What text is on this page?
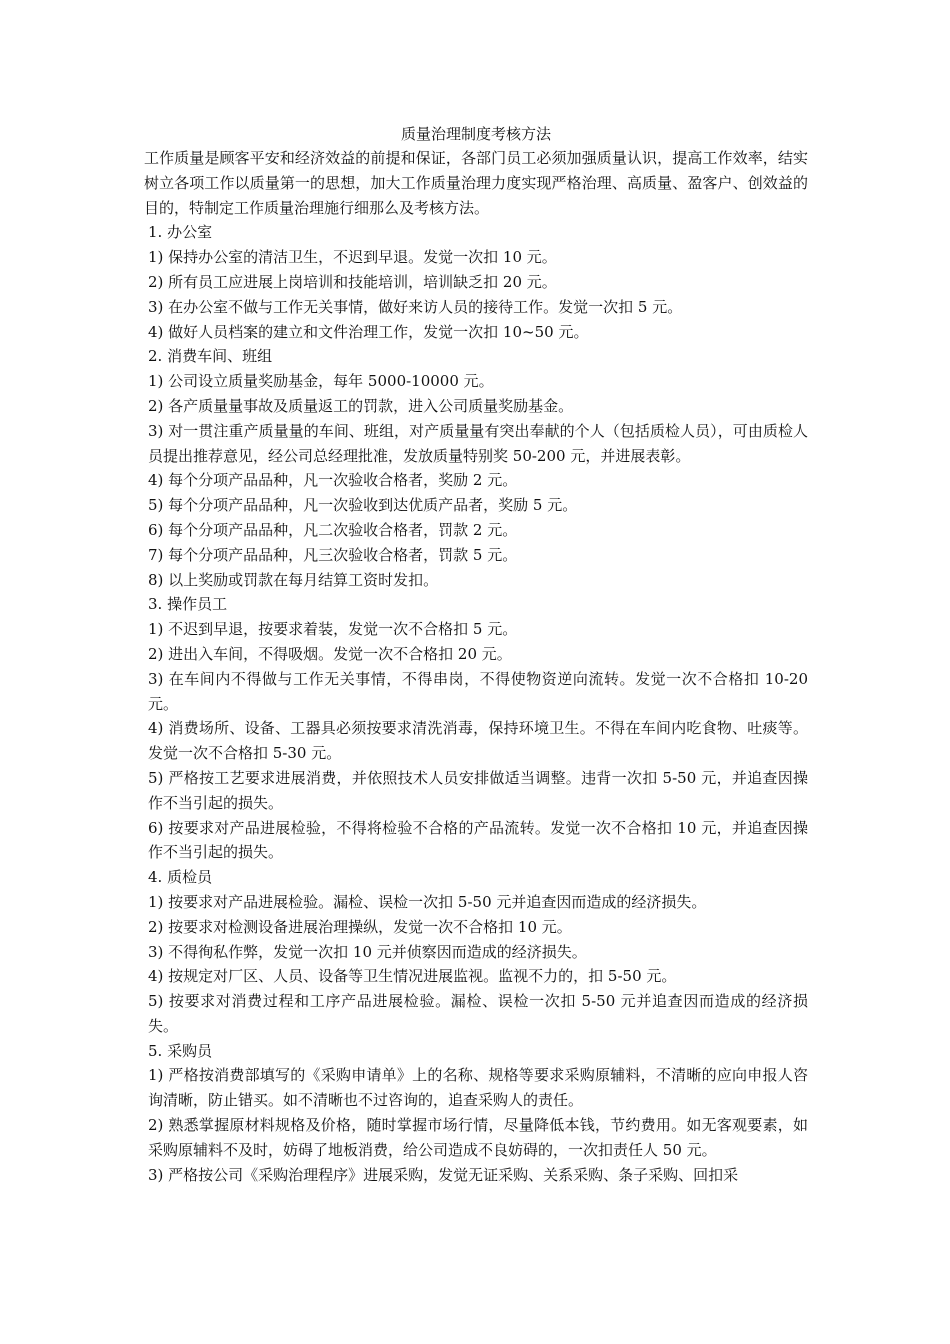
质量治理制度考核方法

工作质量是顾客平安和经济效益的前提和保证，各部门员工必须加强质量认识，提高工作效率，结实树立各项工作以质量第一的思想，加大工作质量治理力度实现严格治理、高质量、盈客户、创效益的目的，特制定工作质量治理施行细那么及考核方法。

1. 办公室

1) 保持办公室的清洁卫生，不迟到早退。发觉一次扣 10 元。

2) 所有员工应进展上岗培训和技能培训，培训缺乏扣 20 元。

3) 在办公室不做与工作无关事情，做好来访人员的接待工作。发觉一次扣 5 元。

4) 做好人员档案的建立和文件治理工作，发觉一次扣 10~50 元。

2. 消费车间、班组

1) 公司设立质量奖励基金，每年 5000-10000 元。

2) 各产质量量事故及质量返工的罚款，进入公司质量奖励基金。

3) 对一贯注重产质量量的车间、班组，对产质量量有突出奉献的个人（包括质检人员），可由质检人员提出推荐意见，经公司总经理批准，发放质量特别奖 50-200 元，并进展表彰。

4) 每个分项产品品种，凡一次验收合格者，奖励 2 元。

5) 每个分项产品品种，凡一次验收到达优质产品者，奖励 5 元。

6) 每个分项产品品种，凡二次验收合格者，罚款 2 元。

7) 每个分项产品品种，凡三次验收合格者，罚款 5 元。

8) 以上奖励或罚款在每月结算工资时发扣。

3. 操作员工

1) 不迟到早退，按要求着装，发觉一次不合格扣 5 元。

2) 进出入车间，不得吸烟。发觉一次不合格扣 20 元。

3) 在车间内不得做与工作无关事情，不得串岗，不得使物资逆向流转。发觉一次不合格扣 10-20 元。

4) 消费场所、设备、工器具必须按要求清洗消毒，保持环境卫生。不得在车间内吃食物、吐痰等。发觉一次不合格扣 5-30 元。

5) 严格按工艺要求进展消费，并依照技术人员安排做适当调整。违背一次扣 5-50 元，并追查因操作不当引起的损失。

6) 按要求对产品进展检验，不得将检验不合格的产品流转。发觉一次不合格扣 10 元，并追查因操作不当引起的损失。

4. 质检员

1) 按要求对产品进展检验。漏检、误检一次扣 5-50 元并追查因而造成的经济损失。

2) 按要求对检测设备进展治理操纵，发觉一次不合格扣 10 元。

3) 不得徇私作弊，发觉一次扣 10 元并侦察因而造成的经济损失。

4) 按规定对厂区、人员、设备等卫生情况进展监视。监视不力的，扣 5-50 元。

5) 按要求对消费过程和工序产品进展检验。漏检、误检一次扣 5-50 元并追查因而造成的经济损失。

5. 采购员

1) 严格按消费部填写的《采购申请单》上的名称、规格等要求采购原辅料，不清晰的应向申报人咨询清晰，防止错买。如不清晰也不过咨询的，追查采购人的责任。

2) 熟悉掌握原材料规格及价格，随时掌握市场行情，尽量降低本钱，节约费用。如无客观要素，如采购原辅料不及时，妨碍了地板消费，给公司造成不良妨碍的，一次扣责任人 50 元。

3) 严格按公司《采购治理程序》进展采购，发觉无证采购、关系采购、条子采购、回扣采
